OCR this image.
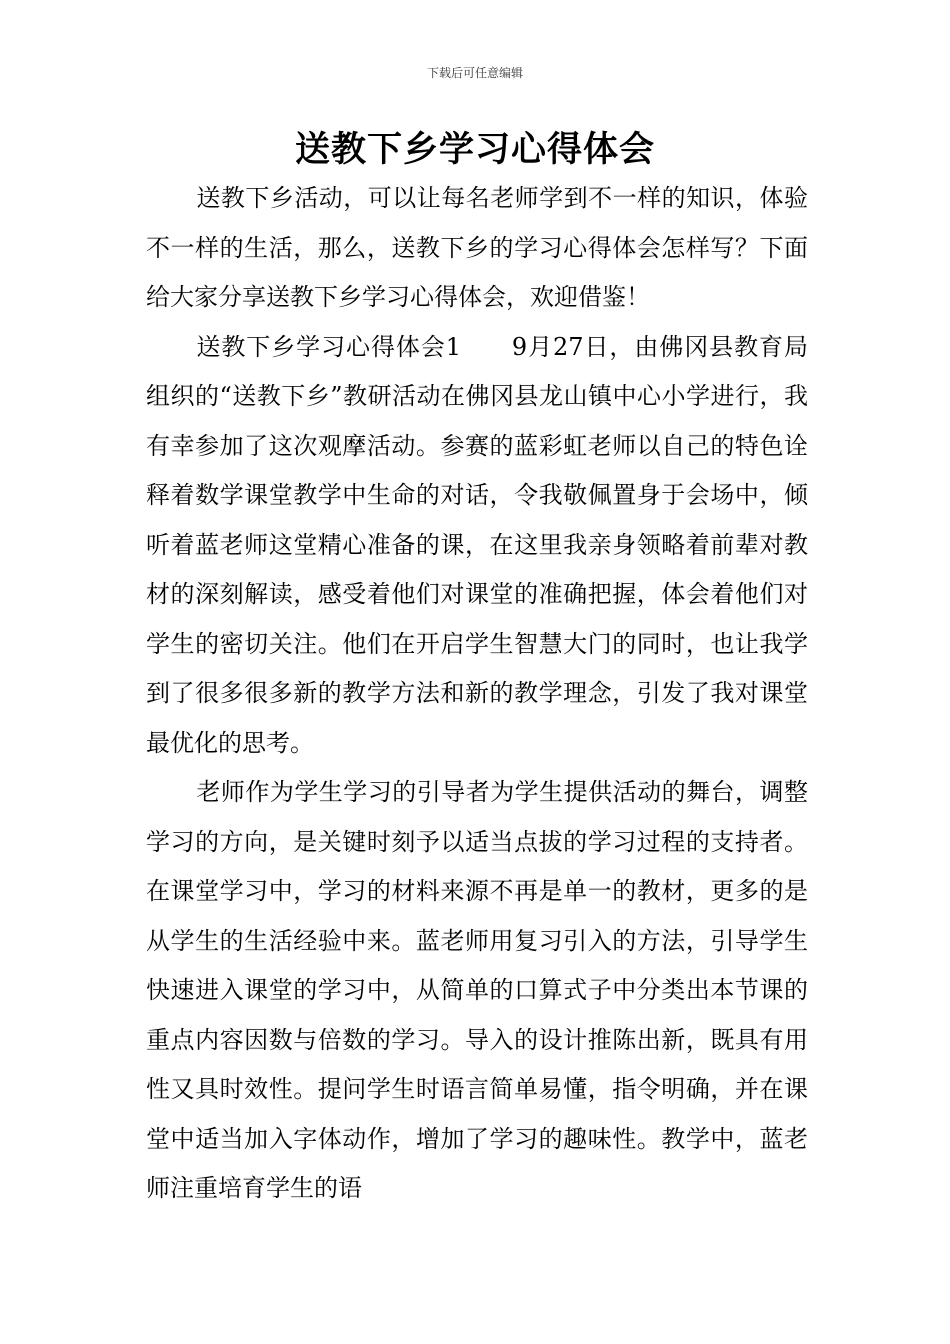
下载后可任意编辑
送教下乡学习心得体会

送教下乡活动，可以让每名老师学到不一样的知识，体验不一样的生活，那么，送教下乡的学习心得体会怎样写？下面给大家分享送教下乡学习心得体会，欢迎借鉴！

送教下乡学习心得体会1　　9月27日，由佛冈县教育局组织的“送教下乡”教研活动在佛冈县龙山镇中心小学进行，我有幸参加了这次观摩活动。参赛的蓝彩虹老师以自己的特色诠释着数学课堂教学中生命的对话，令我敬佩置身于会场中，倾听着蓝老师这堂精心准备的课，在这里我亲身领略着前辈对教材的深刻解读，感受着他们对课堂的准确把握，体会着他们对学生的密切关注。他们在开启学生智慧大门的同时，也让我学到了很多很多新的教学方法和新的教学理念，引发了我对课堂最优化的思考。

老师作为学生学习的引导者为学生提供活动的舞台，调整学习的方向，是关键时刻予以适当点拔的学习过程的支持者。在课堂学习中，学习的材料来源不再是单一的教材，更多的是从学生的生活经验中来。蓝老师用复习引入的方法，引导学生快速进入课堂的学习中，从简单的口算式子中分类出本节课的重点内容因数与倍数的学习。导入的设计推陈出新，既具有用性又具时效性。提问学生时语言简单易懂，指令明确，并在课堂中适当加入字体动作，增加了学习的趣味性。教学中，蓝老师注重培育学生的语
